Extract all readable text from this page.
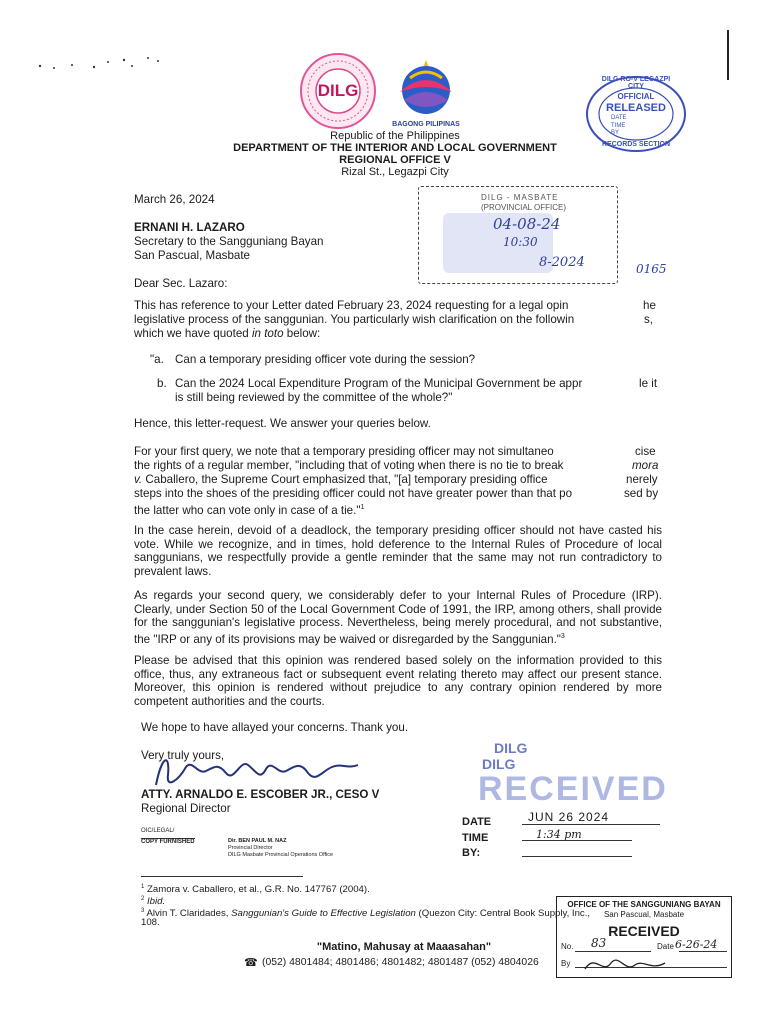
DILG
BAGONG PILIPINAS
Republic of the Philippines
DEPARTMENT OF THE INTERIOR AND LOCAL GOVERNMENT
REGIONAL OFFICE V
Rizal St., Legazpi City
DILG RO-V LEGAZPI CITY
OFFICIAL
RELEASED
DATE
TIME
BY
RECORDS SECTION
March 26, 2024
ERNANI H. LAZARO
Secretary to the Sangguniang Bayan
San Pascual, Masbate
DILG - MASBATE
(PROVINCIAL OFFICE)
04-08-24
10:30
8-2024	0165
Dear Sec. Lazaro:
This has reference to your Letter dated February 23, 2024 requesting for a legal opin	he
legislative process of the sanggunian. You particularly wish clarification on the followin	s,
which we have quoted in toto below:
"a. Can a temporary presiding officer vote during the session?
b. Can the 2024 Local Expenditure Program of the Municipal Government be appr	le it
is still being reviewed by the committee of the whole?"
Hence, this letter-request. We answer your queries below.
For your first query, we note that a temporary presiding officer may not simultaneo	cise
the rights of a regular member, "including that of voting when there is no tie to break	mora
v. Caballero, the Supreme Court emphasized that, "[a] temporary presiding office	nerely
steps into the shoes of the presiding officer could not have greater power than that po	sed by
the latter who can vote only in case of a tie."$^1$
In the case herein, devoid of a deadlock, the temporary presiding officer should not have casted his vote. While we recognize, and in times, hold deference to the Internal Rules of Procedure of local sanggunians, we respectfully provide a gentle reminder that the same may not run contradictory to prevalent laws.
As regards your second query, we considerably defer to your Internal Rules of Procedure (IRP). Clearly, under Section 50 of the Local Government Code of 1991, the IRP, among others, shall provide for the sanggunian's legislative process. Nevertheless, being merely procedural, and not substantive, the "IRP or any of its provisions may be waived or disregarded by the Sanggunian."$^3$
Please be advised that this opinion was rendered based solely on the information provided to this office, thus, any extraneous fact or subsequent event relating thereto may affect our present stance. Moreover, this opinion is rendered without prejudice to any contrary opinion rendered by more competent authorities and the courts.
We hope to have allayed your concerns. Thank you.
Very truly yours,
ATTY. ARNALDO E. ESCOBER JR., CESO V
Regional Director
OIC/LEGAL/
COPY FURNISHED	Dir. BEN PAUL M. NAZ
Provincial Director
DILG Masbate Provincial Operations Office
DILG
DILG
RECEIVED
DATE	JUN 26 2024
TIME	1:34 pm
BY:
$^1$ Zamora v. Caballero, et al., G.R. No. 147767 (2004).
$^2$ Ibid.
$^3$ Alvin T. Claridades, Sanggunian's Guide to Effective Legislation (Quezon City: Central Book Supply, Inc.,
108.
"Matino, Mahusay at Maaasahan"
☎ (052) 4801484; 4801486; 4801482; 4801487 (052) 4804026
OFFICE OF THE SANGGUNIANG BAYAN
San Pascual, Masbate
RECEIVED
No. 83	Date 6-26-24
By
